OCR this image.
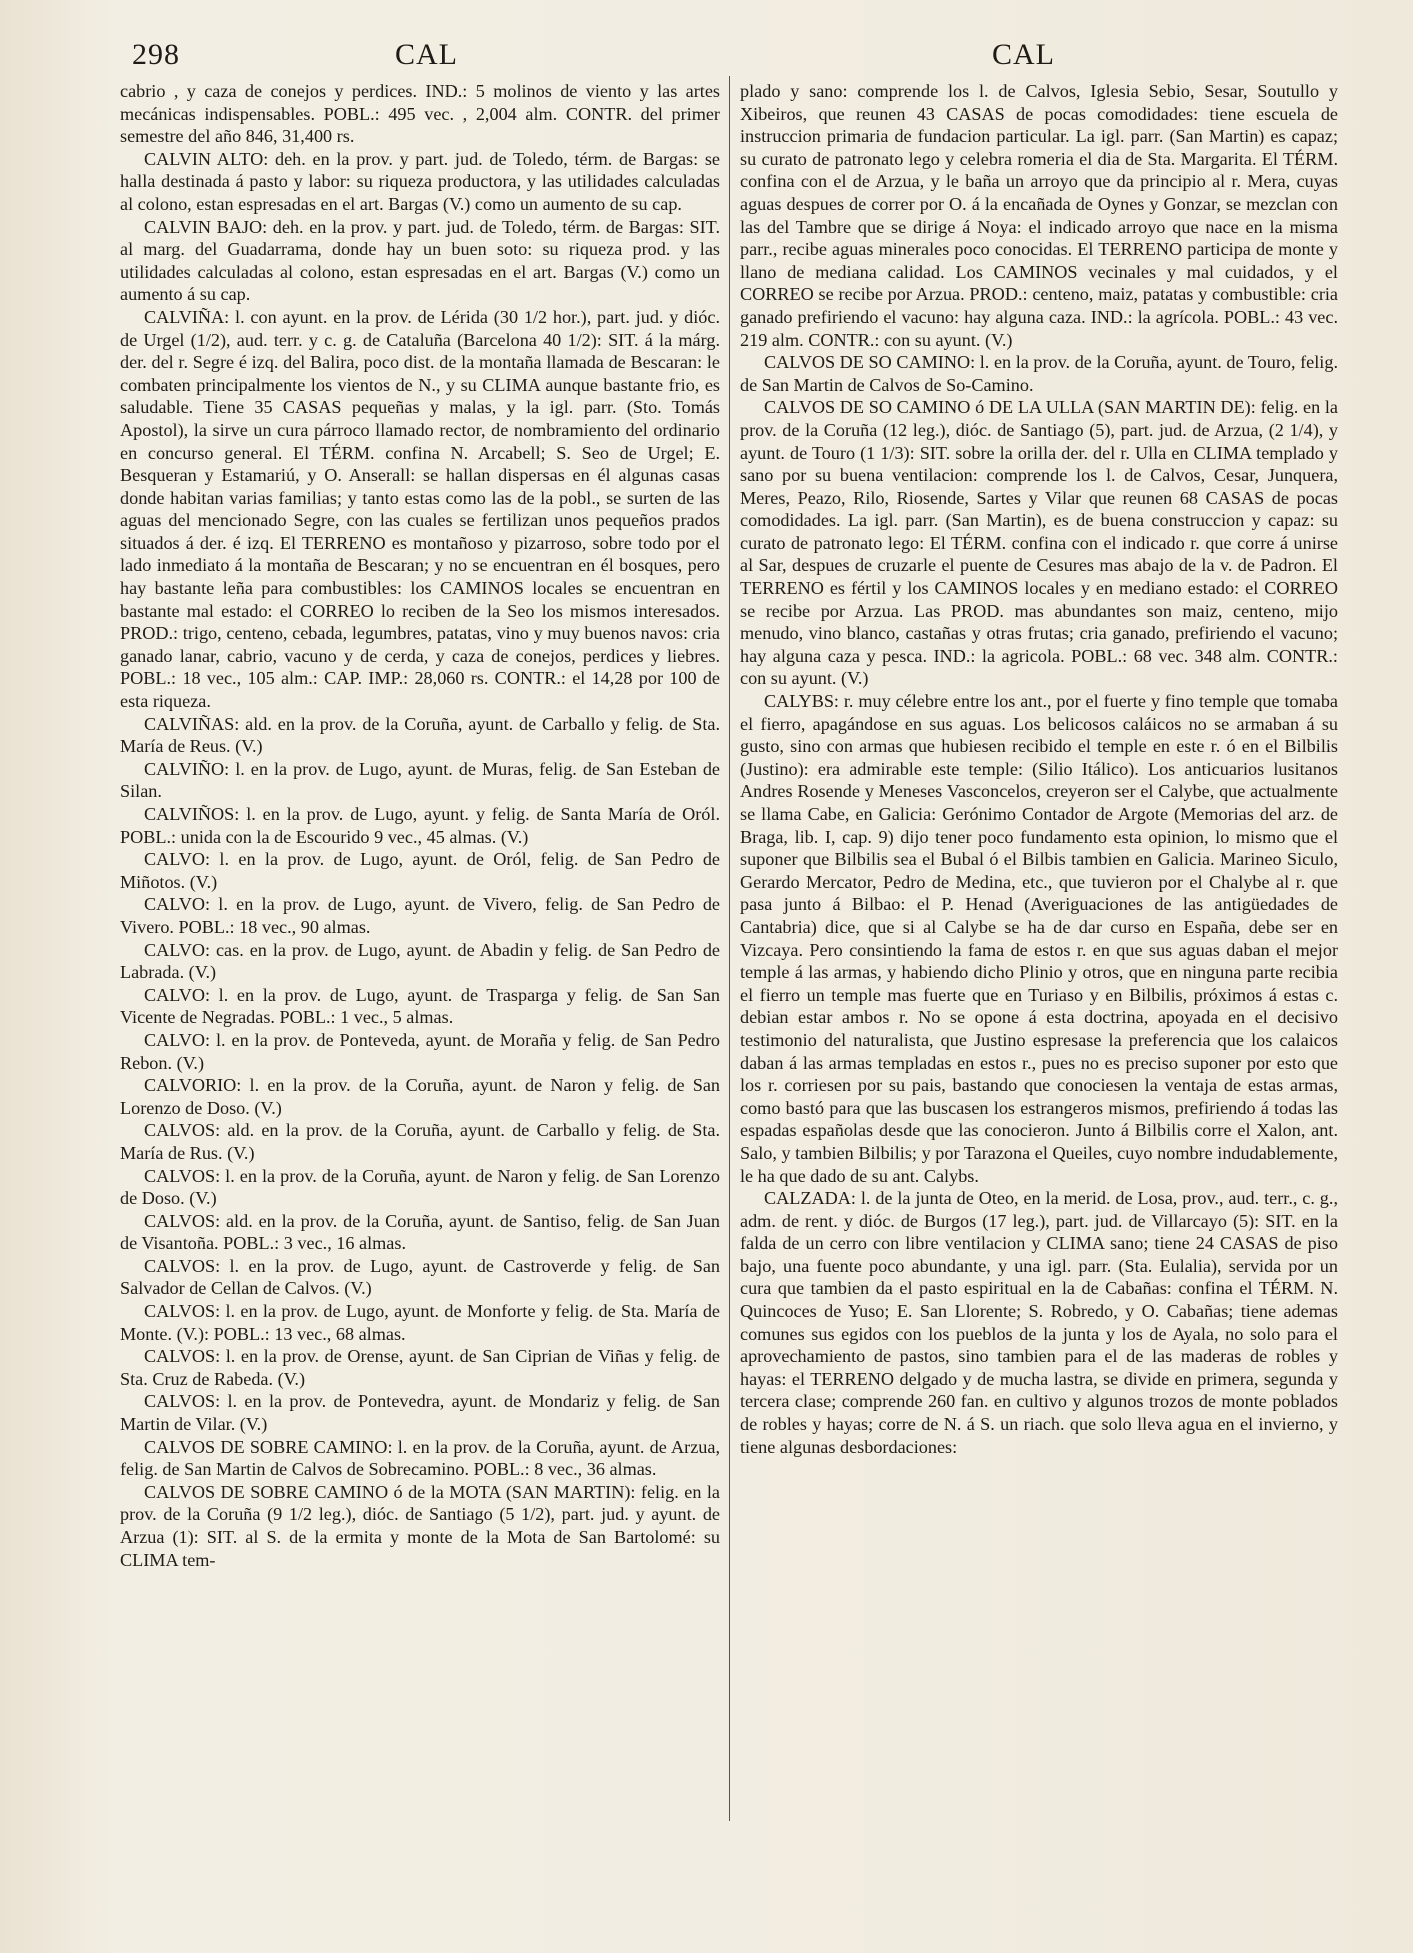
298	CAL	CAL

cabrio , y caza de conejos y perdices. IND.: 5 molinos de viento y las artes mecánicas indispensables. POBL.: 495 vec. , 2,004 alm. CONTR. del primer semestre del año 846, 31,400 rs.

CALVIN ALTO: deh. en la prov. y part. jud. de Toledo, térm. de Bargas: se halla destinada á pasto y labor: su riqueza productora, y las utilidades calculadas al colono, estan espresadas en el art. Bargas (V.) como un aumento de su cap.

CALVIN BAJO: deh. en la prov. y part. jud. de Toledo, térm. de Bargas: SIT. al marg. del Guadarrama, donde hay un buen soto: su riqueza prod. y las utilidades calculadas al colono, estan espresadas en el art. Bargas (V.) como un aumento á su cap.

CALVIÑA: l. con ayunt. en la prov. de Lérida (30 1/2 hor.), part. jud. y dióc. de Urgel (1/2), aud. terr. y c. g. de Cataluña (Barcelona 40 1/2): SIT. á la márg. der. del r. Segre é izq. del Balira, poco dist. de la montaña llamada de Bescaran: le combaten principalmente los vientos de N., y su CLIMA aunque bastante frio, es saludable. Tiene 35 CASAS pequeñas y malas, y la igl. parr. (Sto. Tomás Apostol), la sirve un cura párroco llamado rector, de nombramiento del ordinario en concurso general. El TÉRM. confina N. Arcabell; S. Seo de Urgel; E. Besqueran y Estamariú, y O. Anserall: se hallan dispersas en él algunas casas donde habitan varias familias; y tanto estas como las de la pobl., se surten de las aguas del mencionado Segre, con las cuales se fertilizan unos pequeños prados situados á der. é izq. El TERRENO es montañoso y pizarroso, sobre todo por el lado inmediato á la montaña de Bescaran; y no se encuentran en él bosques, pero hay bastante leña para combustibles: los CAMINOS locales se encuentran en bastante mal estado: el CORREO lo reciben de la Seo los mismos interesados. PROD.: trigo, centeno, cebada, legumbres, patatas, vino y muy buenos navos: cria ganado lanar, cabrio, vacuno y de cerda, y caza de conejos, perdices y liebres. POBL.: 18 vec., 105 alm.: CAP. IMP.: 28,060 rs. CONTR.: el 14,28 por 100 de esta riqueza.

CALVIÑAS: ald. en la prov. de la Coruña, ayunt. de Carballo y felig. de Sta. María de Reus. (V.)

CALVIÑO: l. en la prov. de Lugo, ayunt. de Muras, felig. de San Esteban de Silan.

CALVIÑOS: l. en la prov. de Lugo, ayunt. y felig. de Santa María de Oról. POBL.: unida con la de Escourido 9 vec., 45 almas. (V.)

CALVO: l. en la prov. de Lugo, ayunt. de Oról, felig. de San Pedro de Miñotos. (V.)

CALVO: l. en la prov. de Lugo, ayunt. de Vivero, felig. de San Pedro de Vivero. POBL.: 18 vec., 90 almas.

CALVO: cas. en la prov. de Lugo, ayunt. de Abadin y felig. de San Pedro de Labrada. (V.)

CALVO: l. en la prov. de Lugo, ayunt. de Trasparga y felig. de San San Vicente de Negradas. POBL.: 1 vec., 5 almas.

CALVO: l. en la prov. de Ponteveda, ayunt. de Moraña y felig. de San Pedro Rebon. (V.)

CALVORIO: l. en la prov. de la Coruña, ayunt. de Naron y felig. de San Lorenzo de Doso. (V.)

CALVOS: ald. en la prov. de la Coruña, ayunt. de Carballo y felig. de Sta. María de Rus. (V.)

CALVOS: l. en la prov. de la Coruña, ayunt. de Naron y felig. de San Lorenzo de Doso. (V.)

CALVOS: ald. en la prov. de la Coruña, ayunt. de Santiso, felig. de San Juan de Visantoña. POBL.: 3 vec., 16 almas.

CALVOS: l. en la prov. de Lugo, ayunt. de Castroverde y felig. de San Salvador de Cellan de Calvos. (V.)

CALVOS: l. en la prov. de Lugo, ayunt. de Monforte y felig. de Sta. María de Monte. (V.): POBL.: 13 vec., 68 almas.

CALVOS: l. en la prov. de Orense, ayunt. de San Ciprian de Viñas y felig. de Sta. Cruz de Rabeda. (V.)

CALVOS: l. en la prov. de Pontevedra, ayunt. de Mondariz y felig. de San Martin de Vilar. (V.)

CALVOS DE SOBRE CAMINO: l. en la prov. de la Coruña, ayunt. de Arzua, felig. de San Martin de Calvos de Sobrecamino. POBL.: 8 vec., 36 almas.

CALVOS DE SOBRE CAMINO ó de la MOTA (SAN MARTIN): felig. en la prov. de la Coruña (9 1/2 leg.), dióc. de Santiago (5 1/2), part. jud. y ayunt. de Arzua (1): SIT. al S. de la ermita y monte de la Mota de San Bartolomé: su CLIMA tem-

plado y sano: comprende los l. de Calvos, Iglesia Sebio, Sesar, Soutullo y Xibeiros, que reunen 43 CASAS de pocas comodidades: tiene escuela de instruccion primaria de fundacion particular. La igl. parr. (San Martin) es capaz; su curato de patronato lego y celebra romeria el dia de Sta. Margarita. El TÉRM. confina con el de Arzua, y le baña un arroyo que da principio al r. Mera, cuyas aguas despues de correr por O. á la encañada de Oynes y Gonzar, se mezclan con las del Tambre que se dirige á Noya: el indicado arroyo que nace en la misma parr., recibe aguas minerales poco conocidas. El TERRENO participa de monte y llano de mediana calidad. Los CAMINOS vecinales y mal cuidados, y el CORREO se recibe por Arzua. PROD.: centeno, maiz, patatas y combustible: cria ganado prefiriendo el vacuno: hay alguna caza. IND.: la agrícola. POBL.: 43 vec. 219 alm. CONTR.: con su ayunt. (V.)

CALVOS DE SO CAMINO: l. en la prov. de la Coruña, ayunt. de Touro, felig. de San Martin de Calvos de So-Camino.

CALVOS DE SO CAMINO ó DE LA ULLA (SAN MARTIN DE): felig. en la prov. de la Coruña (12 leg.), dióc. de Santiago (5), part. jud. de Arzua, (2 1/4), y ayunt. de Touro (1 1/3): SIT. sobre la orilla der. del r. Ulla en CLIMA templado y sano por su buena ventilacion: comprende los l. de Calvos, Cesar, Junquera, Meres, Peazo, Rilo, Riosende, Sartes y Vilar que reunen 68 CASAS de pocas comodidades. La igl. parr. (San Martin), es de buena construccion y capaz: su curato de patronato lego: El TÉRM. confina con el indicado r. que corre á unirse al Sar, despues de cruzarle el puente de Cesures mas abajo de la v. de Padron. El TERRENO es fértil y los CAMINOS locales y en mediano estado: el CORREO se recibe por Arzua. Las PROD. mas abundantes son maiz, centeno, mijo menudo, vino blanco, castañas y otras frutas; cria ganado, prefiriendo el vacuno; hay alguna caza y pesca. IND.: la agricola. POBL.: 68 vec. 348 alm. CONTR.: con su ayunt. (V.)

CALYBS: r. muy célebre entre los ant., por el fuerte y fino temple que tomaba el fierro, apagándose en sus aguas. Los belicosos caláicos no se armaban á su gusto, sino con armas que hubiesen recibido el temple en este r. ó en el Bilbilis (Justino): era admirable este temple: (Silio Itálico). Los anticuarios lusitanos Andres Rosende y Meneses Vasconcelos, creyeron ser el Calybe, que actualmente se llama Cabe, en Galicia: Gerónimo Contador de Argote (Memorias del arz. de Braga, lib. I, cap. 9) dijo tener poco fundamento esta opinion, lo mismo que el suponer que Bilbilis sea el Bubal ó el Bilbis tambien en Galicia. Marineo Siculo, Gerardo Mercator, Pedro de Medina, etc., que tuvieron por el Chalybe al r. que pasa junto á Bilbao: el P. Henad (Averiguaciones de las antigüedades de Cantabria) dice, que si al Calybe se ha de dar curso en España, debe ser en Vizcaya. Pero consintiendo la fama de estos r. en que sus aguas daban el mejor temple á las armas, y habiendo dicho Plinio y otros, que en ninguna parte recibia el fierro un temple mas fuerte que en Turiaso y en Bilbilis, próximos á estas c. debian estar ambos r. No se opone á esta doctrina, apoyada en el decisivo testimonio del naturalista, que Justino espresase la preferencia que los calaicos daban á las armas templadas en estos r., pues no es preciso suponer por esto que los r. corriesen por su pais, bastando que conociesen la ventaja de estas armas, como bastó para que las buscasen los estrangeros mismos, prefiriendo á todas las espadas españolas desde que las conocieron. Junto á Bilbilis corre el Xalon, ant. Salo, y tambien Bilbilis; y por Tarazona el Queiles, cuyo nombre indudablemente, le ha que dado de su ant. Calybs.

CALZADA: l. de la junta de Oteo, en la merid. de Losa, prov., aud. terr., c. g., adm. de rent. y dióc. de Burgos (17 leg.), part. jud. de Villarcayo (5): SIT. en la falda de un cerro con libre ventilacion y CLIMA sano; tiene 24 CASAS de piso bajo, una fuente poco abundante, y una igl. parr. (Sta. Eulalia), servida por un cura que tambien da el pasto espiritual en la de Cabañas: confina el TÉRM. N. Quincoces de Yuso; E. San Llorente; S. Robredo, y O. Cabañas; tiene ademas comunes sus egidos con los pueblos de la junta y los de Ayala, no solo para el aprovechamiento de pastos, sino tambien para el de las maderas de robles y hayas: el TERRENO delgado y de mucha lastra, se divide en primera, segunda y tercera clase; comprende 260 fan. en cultivo y algunos trozos de monte poblados de robles y hayas; corre de N. á S. un riach. que solo lleva agua en el invierno, y tiene algunas desbordaciones:
